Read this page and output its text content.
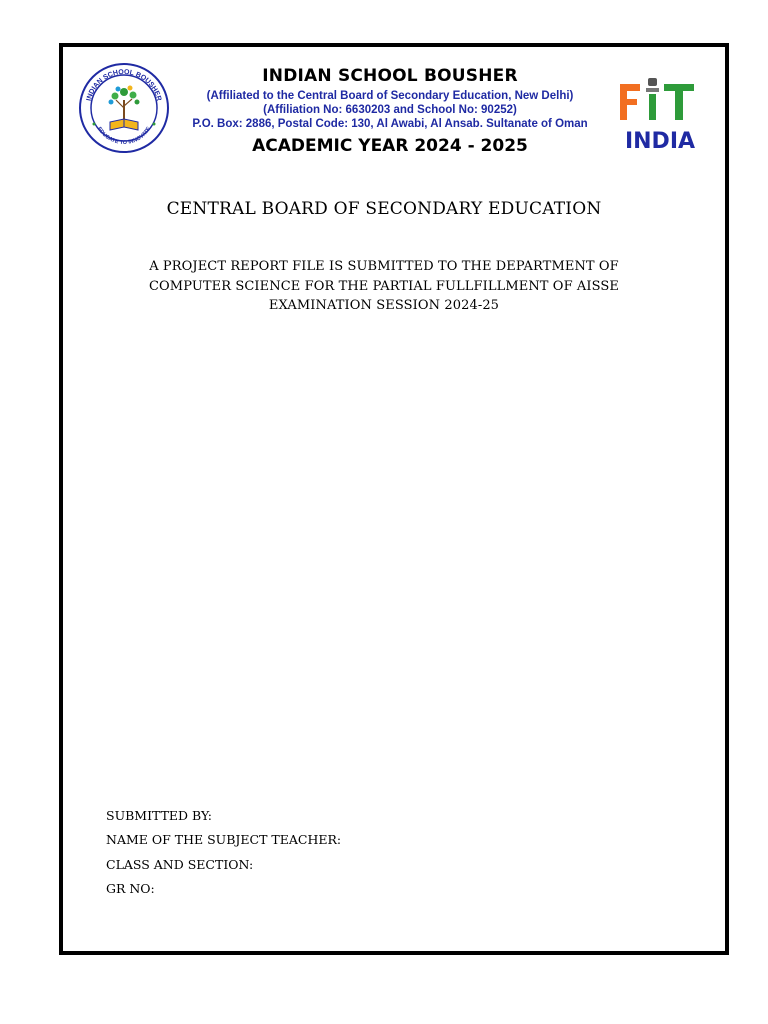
INDIAN SCHOOL BOUSHER
EDUCATE TO INNOVATE	INDIA
INDIAN SCHOOL BOUSHER
(Affiliated to the Central Board of Secondary Education, New Delhi)
(Affiliation No: 6630203 and School No: 90252)
P.O. Box: 2886, Postal Code: 130, Al Awabi, Al Ansab. Sultanate of Oman
ACADEMIC YEAR 2024 - 2025
CENTRAL BOARD OF SECONDARY EDUCATION
A PROJECT REPORT FILE IS SUBMITTED TO THE DEPARTMENT OF COMPUTER SCIENCE FOR THE PARTIAL FULLFILLMENT OF AISSE EXAMINATION SESSION 2024-25
SUBMITTED BY:
NAME OF THE SUBJECT TEACHER:
CLASS AND SECTION:
GR NO:
